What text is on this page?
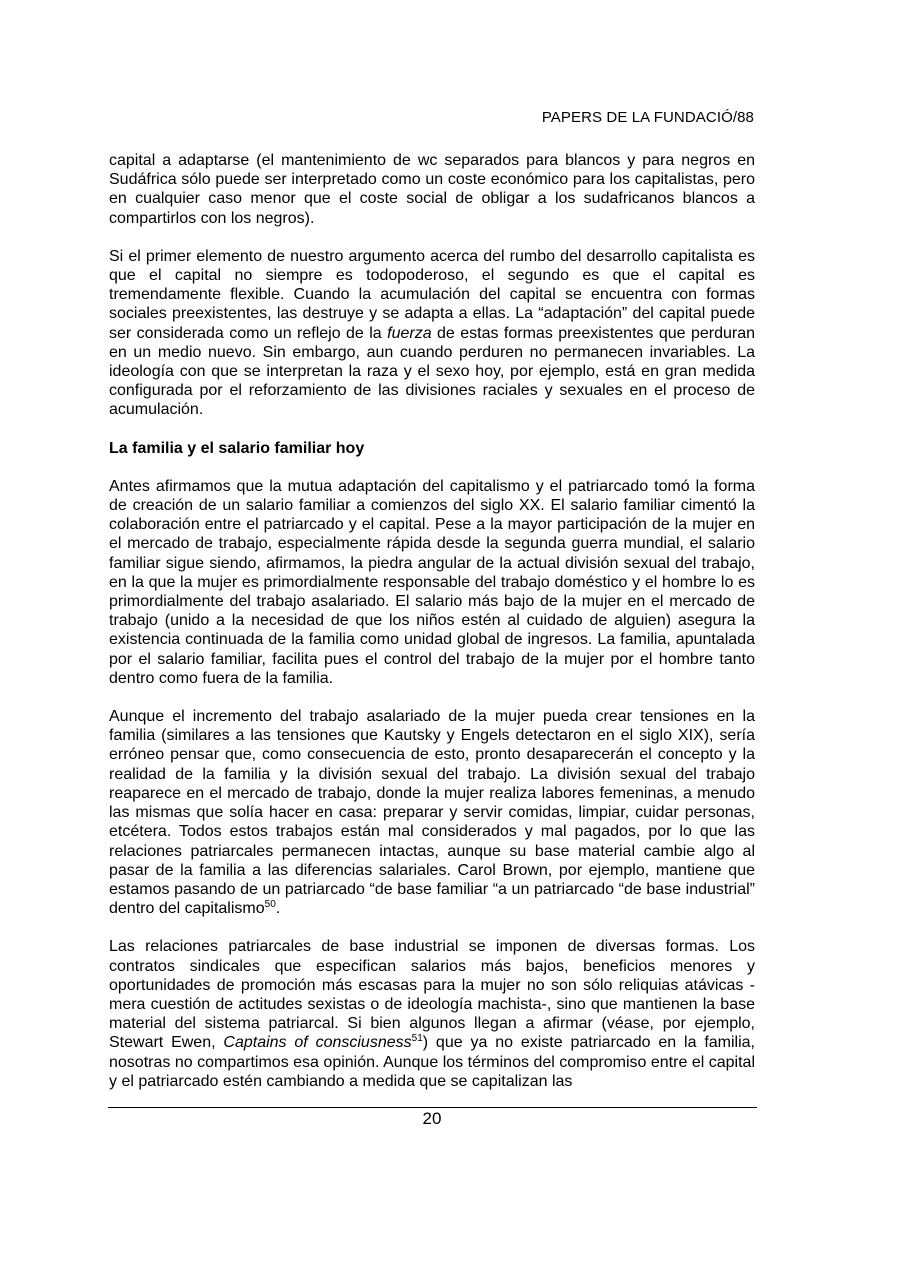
PAPERS DE LA FUNDACIÓ/88

capital a adaptarse (el mantenimiento de wc separados para blancos y para negros en Sudáfrica sólo puede ser interpretado como un coste económico para los capitalistas, pero en cualquier caso menor que el coste social de obligar a los sudafricanos blancos a compartirlos con los negros).

Si el primer elemento de nuestro argumento acerca del rumbo del desarrollo capitalista es que el capital no siempre es todopoderoso, el segundo es que el capital es tremendamente flexible. Cuando la acumulación del capital se encuentra con formas sociales preexistentes, las destruye y se adapta a ellas. La “adaptación” del capital puede ser considerada como un reflejo de la fuerza de estas formas preexistentes que perduran en un medio nuevo. Sin embargo, aun cuando perduren no permanecen invariables. La ideología con que se interpretan la raza y el sexo hoy, por ejemplo, está en gran medida configurada por el reforzamiento de las divisiones raciales y sexuales en el proceso de acumulación.

La familia y el salario familiar hoy

Antes afirmamos que la mutua adaptación del capitalismo y el patriarcado tomó la forma de creación de un salario familiar a comienzos del siglo XX. El salario familiar cimentó la colaboración entre el patriarcado y el capital. Pese a la mayor participación de la mujer en el mercado de trabajo, especialmente rápida desde la segunda guerra mundial, el salario familiar sigue siendo, afirmamos, la piedra angular de la actual división sexual del trabajo, en la que la mujer es primordialmente responsable del trabajo doméstico y el hombre lo es primordialmente del trabajo asalariado. El salario más bajo de la mujer en el mercado de trabajo (unido a la necesidad de que los niños estén al cuidado de alguien) asegura la existencia continuada de la familia como unidad global de ingresos. La familia, apuntalada por el salario familiar, facilita pues el control del trabajo de la mujer por el hombre tanto dentro como fuera de la familia.

Aunque el incremento del trabajo asalariado de la mujer pueda crear tensiones en la familia (similares a las tensiones que Kautsky y Engels detectaron en el siglo XIX), sería erróneo pensar que, como consecuencia de esto, pronto desaparecerán el concepto y la realidad de la familia y la división sexual del trabajo. La división sexual del trabajo reaparece en el mercado de trabajo, donde la mujer realiza labores femeninas, a menudo las mismas que solía hacer en casa: preparar y servir comidas, limpiar, cuidar personas, etcétera. Todos estos trabajos están mal considerados y mal pagados, por lo que las relaciones patriarcales permanecen intactas, aunque su base material cambie algo al pasar de la familia a las diferencias salariales. Carol Brown, por ejemplo, mantiene que estamos pasando de un patriarcado “de base familiar “a un patriarcado “de base industrial” dentro del capitalismo$^{50}$.

Las relaciones patriarcales de base industrial se imponen de diversas formas. Los contratos sindicales que especifican salarios más bajos, beneficios menores y oportunidades de promoción más escasas para la mujer no son sólo reliquias atávicas -mera cuestión de actitudes sexistas o de ideología machista-, sino que mantienen la base material del sistema patriarcal. Si bien algunos llegan a afirmar (véase, por ejemplo, Stewart Ewen, Captains of consciusness$^{51}$) que ya no existe patriarcado en la familia, nosotras no compartimos esa opinión. Aunque los términos del compromiso entre el capital y el patriarcado estén cambiando a medida que se capitalizan las

20
